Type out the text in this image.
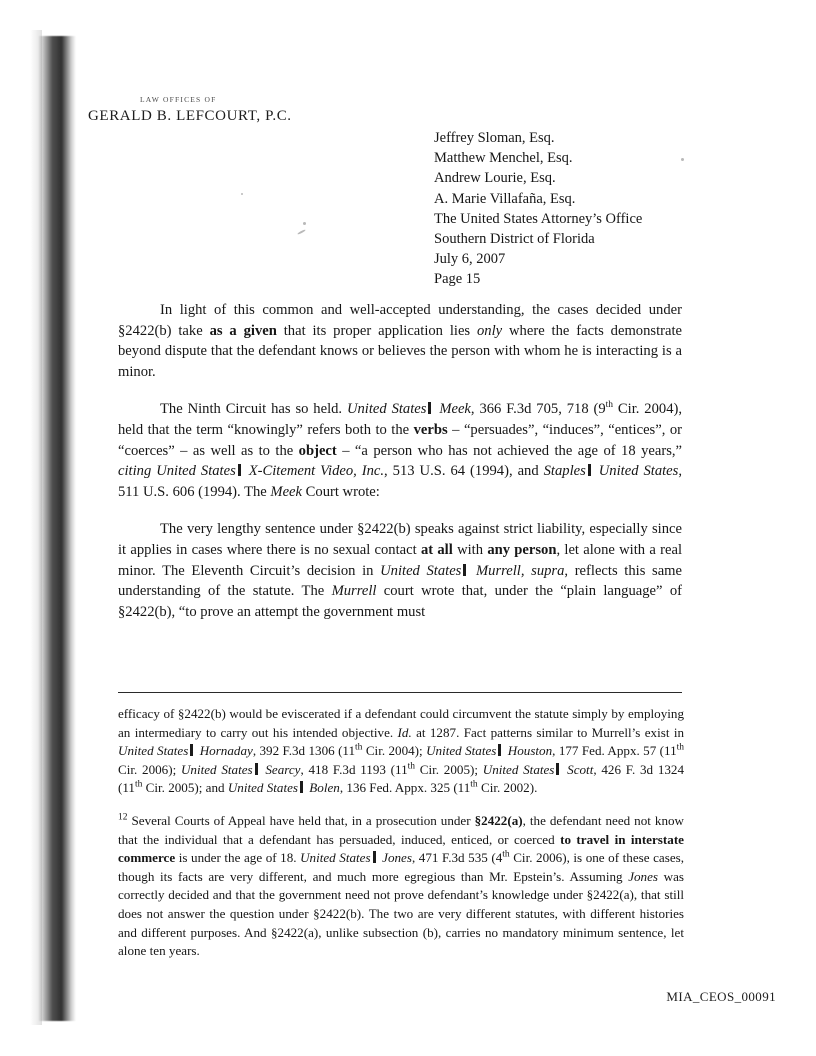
LAW OFFICES OF
GERALD B. LEFCOURT, P.C.
Jeffrey Sloman, Esq.
Matthew Menchel, Esq.
Andrew Lourie, Esq.
A. Marie Villafaña, Esq.
The United States Attorney’s Office
Southern District of Florida
July 6, 2007
Page 15

In light of this common and well-accepted understanding, the cases decided under §2422(b) take as a given that its proper application lies only where the facts demonstrate beyond dispute that the defendant knows or believes the person with whom he is interacting is a minor.

The Ninth Circuit has so held. United States Meek, 366 F.3d 705, 718 (9th Cir. 2004), held that the term “knowingly” refers both to the verbs – “persuades”, “induces”, “entices”, or “coerces” – as well as to the object – “a person who has not achieved the age of 18 years,” citing United States X-Citement Video, Inc., 513 U.S. 64 (1994), and Staples United States, 511 U.S. 606 (1994). The Meek Court wrote:

The very lengthy sentence under §2422(b) speaks against strict liability, especially since it applies in cases where there is no sexual contact at all with any person, let alone with a real minor. The Eleventh Circuit’s decision in United States Murrell, supra, reflects this same understanding of the statute. The Murrell court wrote that, under the “plain language” of §2422(b), “to prove an attempt the government must

efficacy of §2422(b) would be eviscerated if a defendant could circumvent the statute simply by employing an intermediary to carry out his intended objective. Id. at 1287. Fact patterns similar to Murrell’s exist in United States Hornaday, 392 F.3d 1306 (11th Cir. 2004); United States Houston, 177 Fed. Appx. 57 (11th Cir. 2006); United States Searcy, 418 F.3d 1193 (11th Cir. 2005); United States Scott, 426 F. 3d 1324 (11th Cir. 2005); and United States Bolen, 136 Fed. Appx. 325 (11th Cir. 2002).

$^{12}$ Several Courts of Appeal have held that, in a prosecution under §2422(a), the defendant need not know that the individual that a defendant has persuaded, induced, enticed, or coerced to travel in interstate commerce is under the age of 18. United States Jones, 471 F.3d 535 (4th Cir. 2006), is one of these cases, though its facts are very different, and much more egregious than Mr. Epstein’s. Assuming Jones was correctly decided and that the government need not prove defendant’s knowledge under §2422(a), that still does not answer the question under §2422(b). The two are very different statutes, with different histories and different purposes. And §2422(a), unlike subsection (b), carries no mandatory minimum sentence, let alone ten years.

MIA_CEOS_00091
